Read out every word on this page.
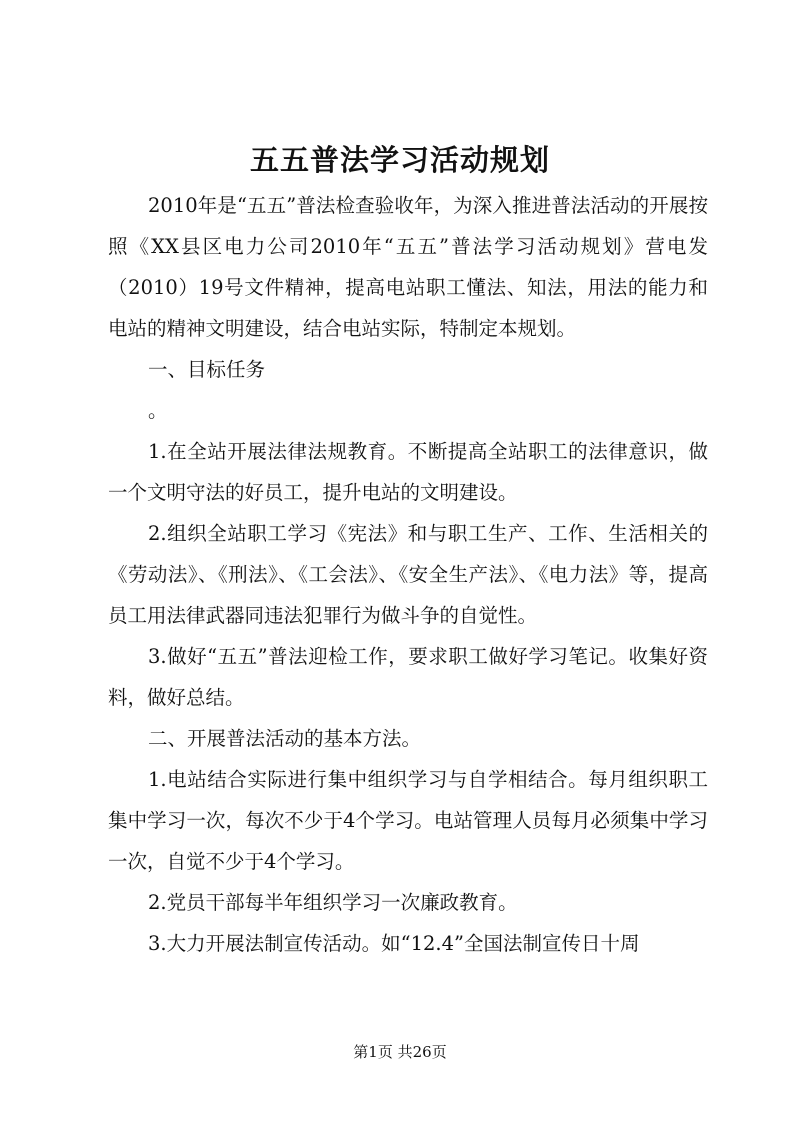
五五普法学习活动规划

2010年是“五五”普法检查验收年，为深入推进普法活动的开展按照《XX县区电力公司2010年“五五”普法学习活动规划》营电发（2010）19号文件精神，提高电站职工懂法、知法，用法的能力和电站的精神文明建设，结合电站实际，特制定本规划。

一、目标任务

。

1.在全站开展法律法规教育。不断提高全站职工的法律意识，做一个文明守法的好员工，提升电站的文明建设。

2.组织全站职工学习《宪法》和与职工生产、工作、生活相关的《劳动法》、《刑法》、《工会法》、《安全生产法》、《电力法》等，提高员工用法律武器同违法犯罪行为做斗争的自觉性。

3.做好“五五”普法迎检工作，要求职工做好学习笔记。收集好资料，做好总结。

二、开展普法活动的基本方法。

1.电站结合实际进行集中组织学习与自学相结合。每月组织职工集中学习一次，每次不少于4个学习。电站管理人员每月必须集中学习一次，自觉不少于4个学习。

2.党员干部每半年组织学习一次廉政教育。

3.大力开展法制宣传活动。如“12.4”全国法制宣传日十周

第1页 共26页
